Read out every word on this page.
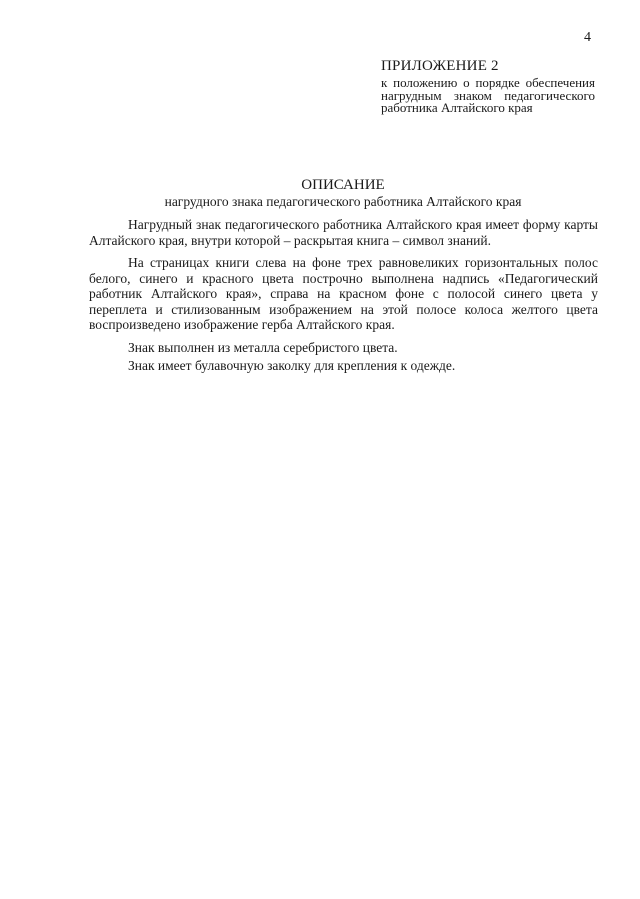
4

ПРИЛОЖЕНИЕ 2

к положению о порядке обеспечения нагрудным знаком педагогического работника Алтайского края

ОПИСАНИЕ

нагрудного знака педагогического работника Алтайского края

Нагрудный знак педагогического работника Алтайского края имеет форму карты Алтайского края, внутри которой – раскрытая книга – символ знаний.

На страницах книги слева на фоне трех равновеликих горизонтальных полос белого, синего и красного цвета построчно выполнена надпись «Педагогический работник Алтайского края», справа на красном фоне с полосой синего цвета у переплета и стилизованным изображением на этой полосе колоса желтого цвета воспроизведено изображение герба Алтайского края.

Знак выполнен из металла серебристого цвета.

Знак имеет булавочную заколку для крепления к одежде.
